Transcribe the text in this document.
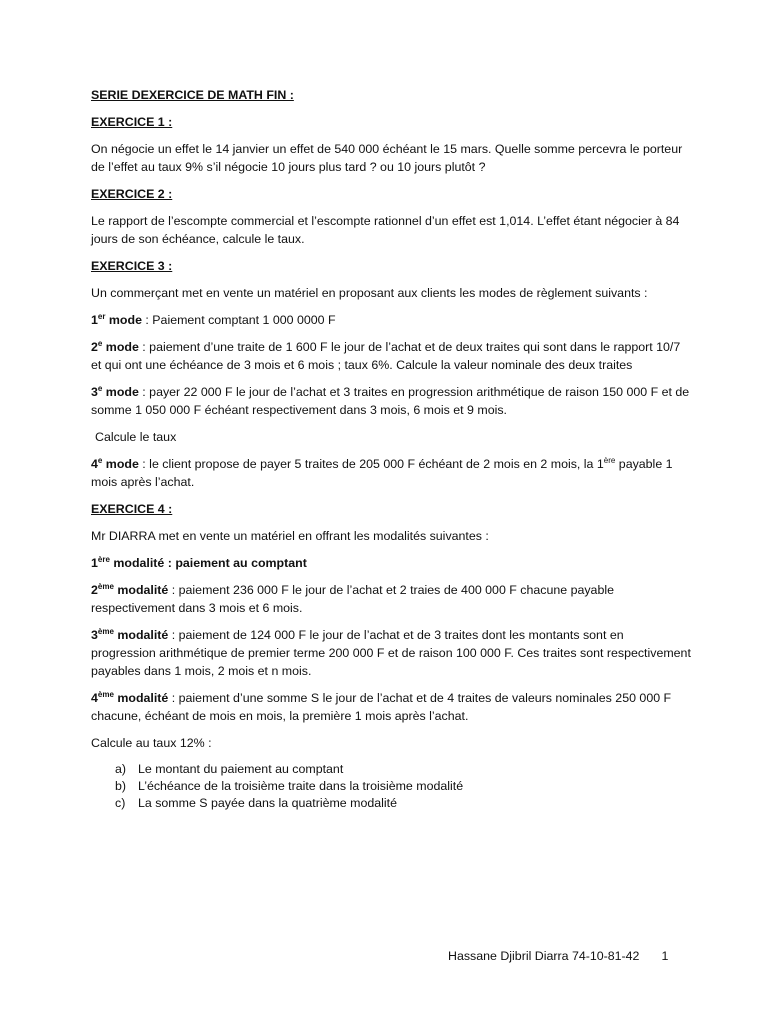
SERIE DEXERCICE DE MATH FIN :

EXERCICE 1 :

On négocie un effet le 14 janvier un effet de 540 000 échéant le 15 mars. Quelle somme percevra le porteur de l’effet au taux 9% s’il négocie 10 jours plus tard ? ou 10 jours plutôt ?

EXERCICE 2 :

Le rapport de l’escompte commercial et l’escompte rationnel d’un effet est 1,014. L’effet étant négocier à 84 jours de son échéance, calcule le taux.

EXERCICE 3 :

Un commerçant met en vente un matériel en proposant aux clients les modes de règlement suivants :

1er mode : Paiement comptant 1 000 0000 F

2e mode : paiement d’une traite de 1 600 F le jour de l’achat et de deux traites qui sont dans le rapport 10/7 et qui ont une échéance de 3 mois et 6 mois ; taux 6%. Calcule la valeur nominale des deux traites

3e mode : payer 22 000 F le jour de l’achat et 3 traites en progression arithmétique de raison 150 000 F et de somme 1 050 000 F échéant respectivement dans 3 mois, 6 mois et 9 mois.

Calcule le taux

4e mode : le client propose de payer 5 traites de 205 000 F échéant de 2 mois en 2 mois, la 1ère payable 1 mois après l’achat.

EXERCICE 4 :

Mr DIARRA met en vente un matériel en offrant les modalités suivantes :

1ère modalité : paiement au comptant

2ème modalité : paiement 236 000 F le jour de l’achat et 2 traies de 400 000 F chacune payable respectivement dans 3 mois et 6 mois.

3ème modalité : paiement de 124 000 F le jour de l’achat et de 3 traites dont les montants sont en progression arithmétique de premier terme 200 000 F et de raison 100 000 F. Ces traites sont respectivement payables dans 1 mois, 2 mois et n mois.

4ème modalité : paiement d’une somme S le jour de l’achat et de 4 traites de valeurs nominales 250 000 F chacune, échéant de mois en mois, la première 1 mois après l’achat.

Calcule au taux 12% :

a) Le montant du paiement au comptant
b) L’échéance de la troisième traite dans la troisième modalité
c)	La somme S payée dans la quatrième modalité
Hassane Djibril Diarra 74-10-81-42 1
